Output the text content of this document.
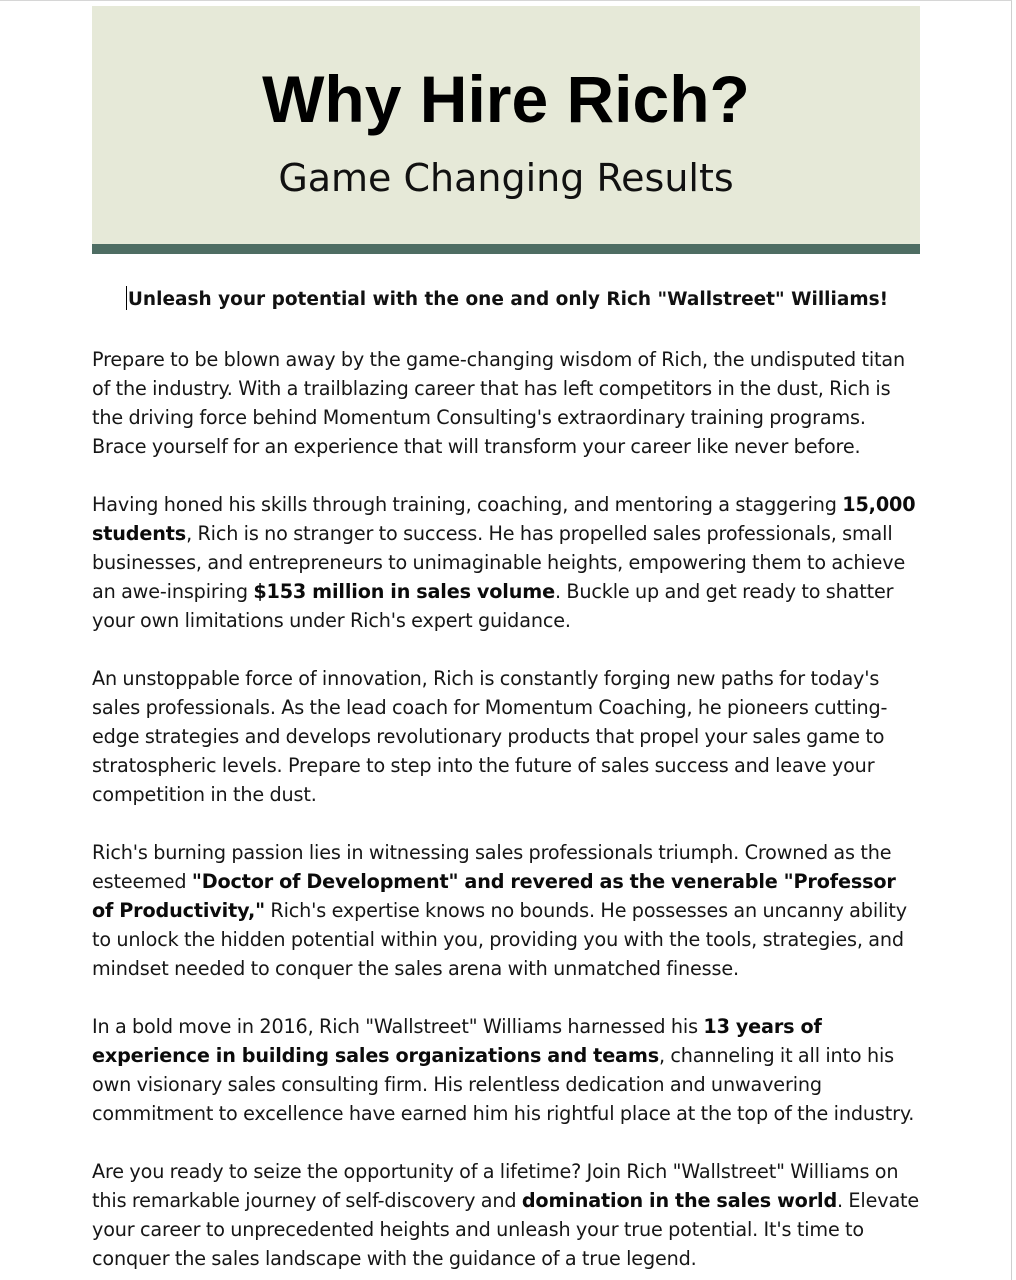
Why Hire Rich?
Game Changing Results

Unleash your potential with the one and only Rich "Wallstreet" Williams!

Prepare to be blown away by the game-changing wisdom of Rich, the undisputed titan of the industry. With a trailblazing career that has left competitors in the dust, Rich is the driving force behind Momentum Consulting's extraordinary training programs. Brace yourself for an experience that will transform your career like never before.

Having honed his skills through training, coaching, and mentoring a staggering 15,000 students, Rich is no stranger to success. He has propelled sales professionals, small businesses, and entrepreneurs to unimaginable heights, empowering them to achieve an awe-inspiring $153 million in sales volume. Buckle up and get ready to shatter your own limitations under Rich's expert guidance.

An unstoppable force of innovation, Rich is constantly forging new paths for today's sales professionals. As the lead coach for Momentum Coaching, he pioneers cutting-edge strategies and develops revolutionary products that propel your sales game to stratospheric levels. Prepare to step into the future of sales success and leave your competition in the dust.

Rich's burning passion lies in witnessing sales professionals triumph. Crowned as the esteemed "Doctor of Development" and revered as the venerable "Professor of Productivity," Rich's expertise knows no bounds. He possesses an uncanny ability to unlock the hidden potential within you, providing you with the tools, strategies, and mindset needed to conquer the sales arena with unmatched finesse.

In a bold move in 2016, Rich "Wallstreet" Williams harnessed his 13 years of experience in building sales organizations and teams, channeling it all into his own visionary sales consulting firm. His relentless dedication and unwavering commitment to excellence have earned him his rightful place at the top of the industry.

Are you ready to seize the opportunity of a lifetime? Join Rich "Wallstreet" Williams on this remarkable journey of self-discovery and domination in the sales world. Elevate your career to unprecedented heights and unleash your true potential. It's time to conquer the sales landscape with the guidance of a true legend.
